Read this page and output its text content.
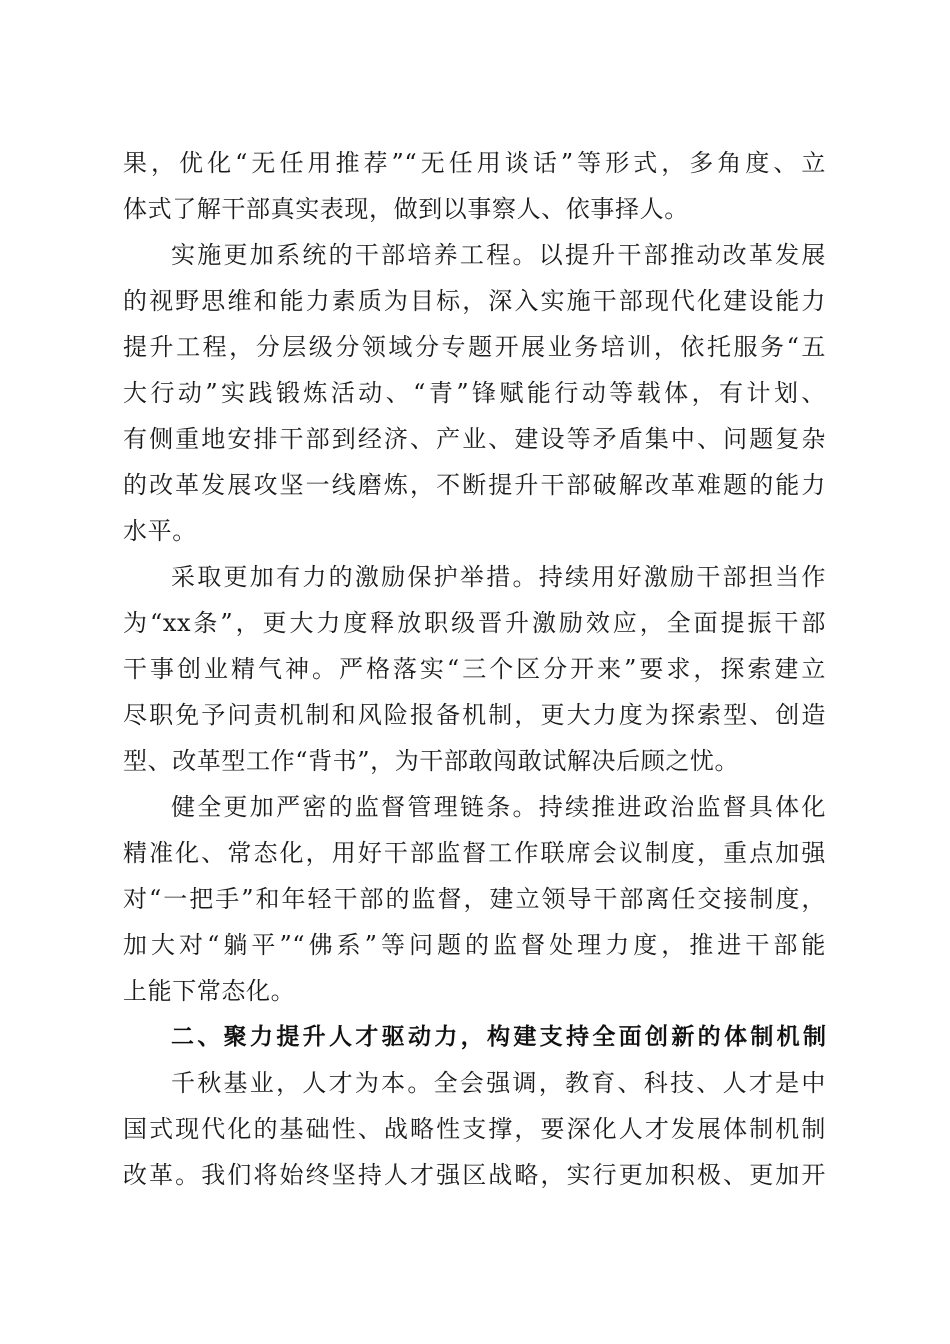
果，优化“无任用推荐”“无任用谈话”等形式，多角度、立
体式了解干部真实表现，做到以事察人、依事择人。
实施更加系统的干部培养工程。以提升干部推动改革发展
的视野思维和能力素质为目标，深入实施干部现代化建设能力
提升工程，分层级分领域分专题开展业务培训，依托服务“五
大行动”实践锻炼活动、“青”锋赋能行动等载体，有计划、
有侧重地安排干部到经济、产业、建设等矛盾集中、问题复杂
的改革发展攻坚一线磨炼，不断提升干部破解改革难题的能力
水平。
采取更加有力的激励保护举措。持续用好激励干部担当作
为“xx条”，更大力度释放职级晋升激励效应，全面提振干部
干事创业精气神。严格落实“三个区分开来”要求，探索建立
尽职免予问责机制和风险报备机制，更大力度为探索型、创造
型、改革型工作“背书”，为干部敢闯敢试解决后顾之忧。
健全更加严密的监督管理链条。持续推进政治监督具体化
精准化、常态化，用好干部监督工作联席会议制度，重点加强
对“一把手”和年轻干部的监督，建立领导干部离任交接制度，
加大对“躺平”“佛系”等问题的监督处理力度，推进干部能
上能下常态化。
二、聚力提升人才驱动力，构建支持全面创新的体制机制
千秋基业，人才为本。全会强调，教育、科技、人才是中
国式现代化的基础性、战略性支撑，要深化人才发展体制机制
改革。我们将始终坚持人才强区战略，实行更加积极、更加开
